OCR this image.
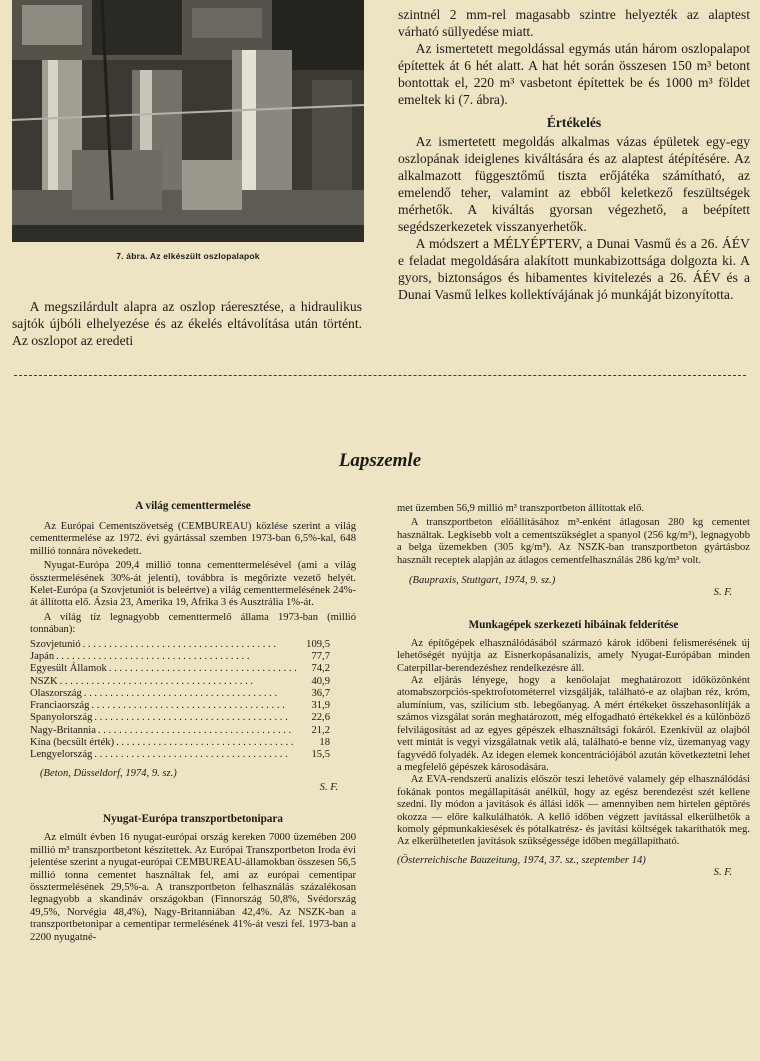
7. ábra. Az elkészült oszlopalapok

A megszilárdult alapra az oszlop ráeresztése, a hidraulikus sajtók újbóli elhelyezése és az ékelés eltávolítása után történt. Az oszlopot az eredeti

szintnél 2 mm-rel magasabb szintre helyezték az alaptest várható süllyedése miatt.

Az ismertetett megoldással egymás után három oszlopalapot építettek át 6 hét alatt. A hat hét során összesen 150 m³ betont bontottak el, 220 m³ vasbetont építettek be és 1000 m³ földet emeltek ki (7. ábra).

Értékelés

Az ismertetett megoldás alkalmas vázas épületek egy-egy oszlopának ideiglenes kiváltására és az alaptest átépítésére. Az alkalmazott függesztőmű tiszta erőjátéka számítható, az emelendő teher, valamint az ebből keletkező feszültségek mérhetők. A kiváltás gyorsan végezhető, a beépített segédszerkezetek visszanyerhetők.

A módszert a MÉLYÉPTERV, a Dunai Vasmű és a 26. ÁÉV e feladat megoldására alakított munkabizottsága dolgozta ki. A gyors, biztonságos és hibamentes kivitelezés a 26. ÁÉV és a Dunai Vasmű lelkes kollektívájának jó munkáját bizonyította.

Lapszemle

A világ cementtermelése

Az Európai Cementszövetség (CEMBUREAU) közlése szerint a világ cementtermelése az 1972. évi gyártással szemben 1973-ban 6,5%-kal, 648 millió tonnára növekedett.

Nyugat-Európa 209,4 millió tonna cementtermelésével (ami a világ össztermelésének 30%-át jelenti), továbbra is megőrizte vezető helyét. Kelet-Európa (a Szovjetuniót is beleértve) a világ cementtermelésének 24%-át állította elő. Ázsia 23, Amerika 19, Afrika 3 és Ausztrália 1%-át.

A világ tíz legnagyobb cementtermelő állama 1973-ban (millió tonnában):

Szovjetunió . . .	109,5
Japán . . .	77,7
Egyesült Államok . . .	74,2
NSZK . . .	40,9
Olaszország . . .	36,7
Franciaország . . .	31,9
Spanyolország . . .	22,6
Nagy-Britannia . . .	21,2
Kína (becsült érték) . . .	18
Lengyelország . . .	15,5

(Beton, Düsseldorf, 1974, 9. sz.)

S. F.

Nyugat-Európa transzportbetonipara

Az elmúlt évben 16 nyugat-európai ország kereken 7000 üzemében 200 millió m³ transzportbetont készítettek. Az Európai Transzportbeton Iroda évi jelentése szerint a nyugat-európai CEMBUREAU-államokban összesen 56,5 millió tonna cementet használtak fel, ami az európai cementipar össztermelésének 29,5%-a. A transzportbeton felhasználás százalékosan legnagyobb a skandináv országokban (Finnország 50,8%, Svédország 49,5%, Norvégia 48,4%), Nagy-Britanniában 42,4%. Az NSZK-ban a transzportbetonipar a cementipar termelésének 41%-át veszi fel. 1973-ban a 2200 nyugatné-

met üzemben 56,9 millió m³ transzportbeton állítottak elő.

A transzportbeton előállításához m³-enként átlagosan 280 kg cementet használtak. Legkisebb volt a cementszükséglet a spanyol (256 kg/m³), legnagyobb a belga üzemekben (305 kg/m³). Az NSZK-ban transzportbeton gyártásboz használt receptek alapján az átlagos cementfelhasználás 286 kg/m³ volt.

(Baupraxis, Stuttgart, 1974, 9. sz.)

S. F.

Munkagépek szerkezeti hibáinak felderítése

Az építőgépek elhasználódásából származó károk időbeni felismerésének új lehetőségét nyújtja az Eisnerkopásanalízis, amely Nyugat-Európában minden Caterpillar-berendezéshez rendelkezésre áll.

Az eljárás lényege, hogy a kenőolajat meghatározott időközönként atomabszorpciós-spektrofotométerrel vizsgálják, található-e az olajban réz, króm, alumínium, vas, szilícium stb. lebegőanyag. A mért értékeket összehasonlítják a számos vizsgálat során meghatározott, még elfogadható értékekkel és a különböző felvilágosítást ad az egyes gépészek elhasználtsági fokáról. Ezenkívül az olajból vett mintát is vegyi vizsgálatnak vetik alá, található-e benne víz, üzemanyag vagy fagyvédő folyadék. Az idegen elemek koncentrációjából azután következtetni lehet a megfelelő gépészek károsodására.

Az EVA-rendszerű analízis először teszi lehetővé valamely gép elhasználódási fokának pontos megállapítását anélkül, hogy az egész berendezést szét kellene szedni. Ily módon a javítások és állási idők — amennyiben nem hirtelen géptörés okozza — előre kalkulálhatók. A kellő időben végzett javítással elkerülhetők a komoly gépmunkakiesések és pótalkatrész- és javítási költségek takaríthatók meg. Az elkerülhetetlen javítások szükségessége időben megállapítható.

(Österreichische Bauzeitung, 1974, 37. sz., szeptember 14)

S. F.
